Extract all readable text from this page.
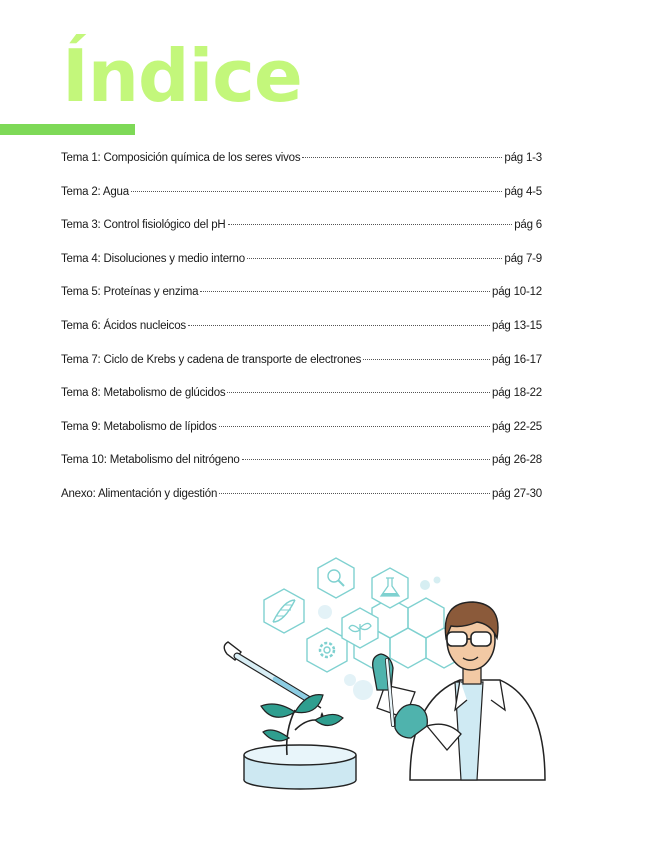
Índice
Tema 1: Composición química de los seres vivos	pág 1-3
Tema 2: Agua	pág 4-5
Tema 3: Control fisiológico del pH	pág 6
Tema 4: Disoluciones y medio interno	pág 7-9
Tema 5: Proteínas y enzima	pág 10-12
Tema 6: Ácidos nucleicos	pág 13-15
Tema 7: Ciclo de Krebs y cadena de transporte de electrones	pág 16-17
Tema 8: Metabolismo de glúcidos	pág 18-22
Tema 9: Metabolismo de lípidos	pág 22-25
Tema 10: Metabolismo del nitrógeno	pág 26-28
Anexo: Alimentación y digestión	pág 27-30
